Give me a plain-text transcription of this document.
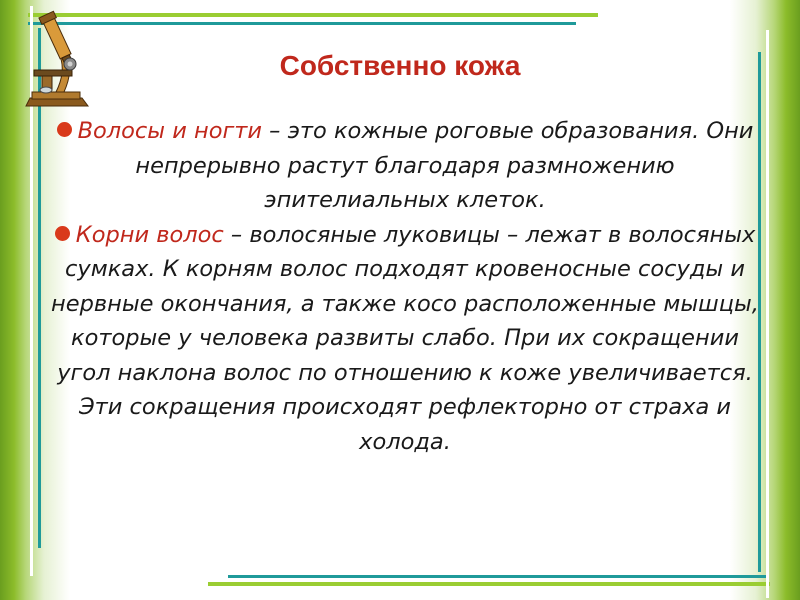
Собственно кожа

Волосы и ногти – это кожные роговые образования. Они непрерывно растут благодаря размножению эпителиальных клеток.

Корни волос – волосяные луковицы – лежат в волосяных сумках. К корням волос подходят кровеносные сосуды и нервные окончания, а также косо расположенные мышцы, которые у человека развиты слабо. При их сокращении угол наклона волос по отношению к коже увеличивается. Эти сокращения происходят рефлекторно от страха и холода.
